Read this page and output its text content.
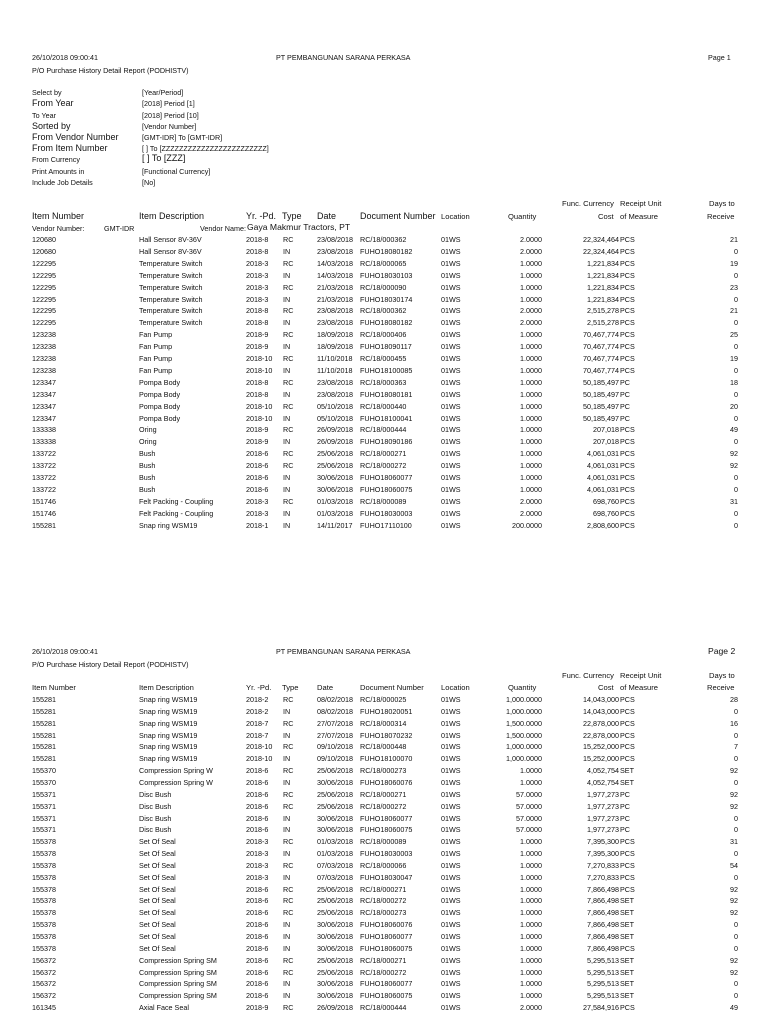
26/10/2018 09:00:41	PT PEMBANGUNAN SARANA PERKASA	Page 1
P/O Purchase History Detail Report (PODHISTV)
Select by	[Year/Period]
From Year	[2018] Period [1]
To Year	[2018] Period [10]
Sorted by	[Vendor Number]
From Vendor Number	[GMT-IDR] To [GMT-IDR]
From Item Number	[ ] To [ZZZZZZZZZZZZZZZZZZZZZZZZ]
From Currency	[ ] To [ZZZ]
Print Amounts in	[Functional Currency]
Include Job Details	[No]
Func. Currency Receipt Unit	Days to
Item Number	Item Description	Yr. -Pd. Type Date	Document Number Location	Quantity	Cost of Measure	Receive
Vendor Number:	GMT-IDR	Vendor Name: Gaya Makmur Tractors, PT
120680	Hall Sensor 8V-36V	2018-8 RC	23/08/2018 RC/18/000362	01WS	2.0000	22,324,464 PCS	21
120680	Hall Sensor 8V-36V	2018-8 IN	23/08/2018 FUHO18080182	01WS	2.0000	22,324,464 PCS	0
122295	Temperature Switch	2018-3 RC	14/03/2018 RC/18/000065	01WS	1.0000	1,221,834 PCS	19
122295	Temperature Switch	2018-3 IN	14/03/2018 FUHO18030103	01WS	1.0000	1,221,834 PCS	0
122295	Temperature Switch	2018-3 RC	21/03/2018 RC/18/000090	01WS	1.0000	1,221,834 PCS	23
122295	Temperature Switch	2018-3 IN	21/03/2018 FUHO18030174	01WS	1.0000	1,221,834 PCS	0
122295	Temperature Switch	2018-8 RC	23/08/2018 RC/18/000362	01WS	2.0000	2,515,278 PCS	21
122295	Temperature Switch	2018-8 IN	23/08/2018 FUHO18080182	01WS	2.0000	2,515,278 PCS	0
123238	Fan Pump	2018-9 RC	18/09/2018 RC/18/000406	01WS	1.0000	70,467,774 PCS	25
123238	Fan Pump	2018-9 IN	18/09/2018 FUHO18090117	01WS	1.0000	70,467,774 PCS	0
123238	Fan Pump	2018-10 RC	11/10/2018 RC/18/000455	01WS	1.0000	70,467,774 PCS	19
123238	Fan Pump	2018-10 IN	11/10/2018 FUHO18100085	01WS	1.0000	70,467,774 PCS	0
123347	Pompa Body	2018-8 RC	23/08/2018 RC/18/000363	01WS	1.0000	50,185,497 PC	18
123347	Pompa Body	2018-8 IN	23/08/2018 FUHO18080181	01WS	1.0000	50,185,497 PC	0
123347	Pompa Body	2018-10 RC	05/10/2018 RC/18/000440	01WS	1.0000	50,185,497 PC	20
123347	Pompa Body	2018-10 IN	05/10/2018 FUHO18100041	01WS	1.0000	50,185,497 PC	0
133338	Oring	2018-9 RC	26/09/2018 RC/18/000444	01WS	1.0000	207,018 PCS	49
133338	Oring	2018-9 IN	26/09/2018 FUHO18090186	01WS	1.0000	207,018 PCS	0
133722	Bush	2018-6 RC	25/06/2018 RC/18/000271	01WS	1.0000	4,061,031 PCS	92
133722	Bush	2018-6 RC	25/06/2018 RC/18/000272	01WS	1.0000	4,061,031 PCS	92
133722	Bush	2018-6 IN	30/06/2018 FUHO18060077	01WS	1.0000	4,061,031 PCS	0
133722	Bush	2018-6 IN	30/06/2018 FUHO18060075	01WS	1.0000	4,061,031 PCS	0
151746	Felt Packing - Coupling	2018-3 RC	01/03/2018 RC/18/000089	01WS	2.0000	698,760 PCS	31
151746	Felt Packing - Coupling	2018-3 IN	01/03/2018 FUHO18030003	01WS	2.0000	698,760 PCS	0
155281	Snap ring WSM19	2018-1 IN	14/11/2017 FUHO17110100	01WS	200.0000	2,808,600 PCS	0
26/10/2018 09:00:41	PT PEMBANGUNAN SARANA PERKASA	Page 2
P/O Purchase History Detail Report (PODHISTV)
Func. Currency Receipt Unit	Days to
Item Number	Item Description	Yr. -Pd. Type Date	Document Number Location	Quantity	Cost of Measure	Receive
155281	Snap ring WSM19	2018-2 RC	08/02/2018 RC/18/000025	01WS	1,000.0000	14,043,000 PCS	28
155281	Snap ring WSM19	2018-2 IN	08/02/2018 FUHO18020051	01WS	1,000.0000	14,043,000 PCS	0
155281	Snap ring WSM19	2018-7 RC	27/07/2018 RC/18/000314	01WS	1,500.0000	22,878,000 PCS	16
155281	Snap ring WSM19	2018-7 IN	27/07/2018 FUHO18070232	01WS	1,500.0000	22,878,000 PCS	0
155281	Snap ring WSM19	2018-10 RC	09/10/2018 RC/18/000448	01WS	1,000.0000	15,252,000 PCS	7
155281	Snap ring WSM19	2018-10 IN	09/10/2018 FUHO18100070	01WS	1,000.0000	15,252,000 PCS	0
155370	Compression Spring W	2018-6 RC	25/06/2018 RC/18/000273	01WS	1.0000	4,052,754 SET	92
155370	Compression Spring W	2018-6 IN	30/06/2018 FUHO18060076	01WS	1.0000	4,052,754 SET	0
155371	Disc Bush	2018-6 RC	25/06/2018 RC/18/000271	01WS	57.0000	1,977,273 PC	92
155371	Disc Bush	2018-6 RC	25/06/2018 RC/18/000272	01WS	57.0000	1,977,273 PC	92
155371	Disc Bush	2018-6 IN	30/06/2018 FUHO18060077	01WS	57.0000	1,977,273 PC	0
155371	Disc Bush	2018-6 IN	30/06/2018 FUHO18060075	01WS	57.0000	1,977,273 PC	0
155378	Set Of Seal	2018-3 RC	01/03/2018 RC/18/000089	01WS	1.0000	7,395,300 PCS	31
155378	Set Of Seal	2018-3 IN	01/03/2018 FUHO18030003	01WS	1.0000	7,395,300 PCS	0
155378	Set Of Seal	2018-3 RC	07/03/2018 RC/18/000066	01WS	1.0000	7,270,833 PCS	54
155378	Set Of Seal	2018-3 IN	07/03/2018 FUHO18030047	01WS	1.0000	7,270,833 PCS	0
155378	Set Of Seal	2018-6 RC	25/06/2018 RC/18/000271	01WS	1.0000	7,866,498 PCS	92
155378	Set Of Seal	2018-6 RC	25/06/2018 RC/18/000272	01WS	1.0000	7,866,498 SET	92
155378	Set Of Seal	2018-6 RC	25/06/2018 RC/18/000273	01WS	1.0000	7,866,498 SET	92
155378	Set Of Seal	2018-6 IN	30/06/2018 FUHO18060076	01WS	1.0000	7,866,498 SET	0
155378	Set Of Seal	2018-6 IN	30/06/2018 FUHO18060077	01WS	1.0000	7,866,498 SET	0
155378	Set Of Seal	2018-6 IN	30/06/2018 FUHO18060075	01WS	1.0000	7,866,498 PCS	0
156372	Compression Spring SM	2018-6 RC	25/06/2018 RC/18/000271	01WS	1.0000	5,295,513 SET	92
156372	Compression Spring SM	2018-6 RC	25/06/2018 RC/18/000272	01WS	1.0000	5,295,513 SET	92
156372	Compression Spring SM	2018-6 IN	30/06/2018 FUHO18060077	01WS	1.0000	5,295,513 SET	0
156372	Compression Spring SM	2018-6 IN	30/06/2018 FUHO18060075	01WS	1.0000	5,295,513 SET	0
161345	Axial Face Seal	2018-9 RC	26/09/2018 RC/18/000444	01WS	2.0000	27,584,916 PCS	49
